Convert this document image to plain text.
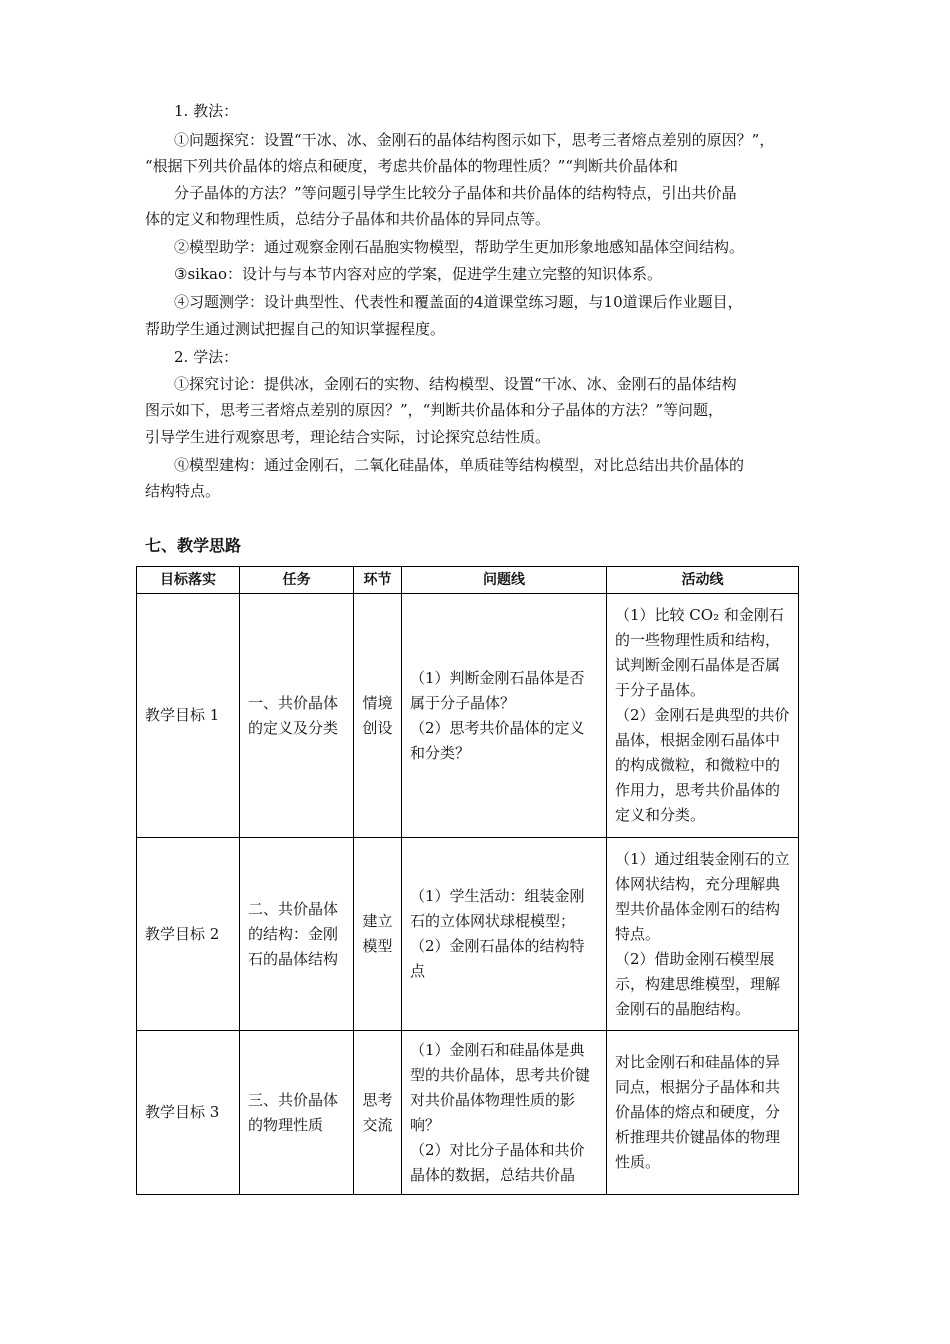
1. 教法：
①问题探究：设置“干冰、冰、金刚石的晶体结构图示如下，思考三者熔点差别的原因？”，
“根据下列共价晶体的熔点和硬度，考虑共价晶体的物理性质？”“判断共价晶体和
分子晶体的方法？”等问题引导学生比较分子晶体和共价晶体的结构特点，引出共价晶
体的定义和物理性质，总结分子晶体和共价晶体的异同点等。
②模型助学：通过观察金刚石晶胞实物模型，帮助学生更加形象地感知晶体空间结构。
③sikao：设计与与本节内容对应的学案，促进学生建立完整的知识体系。
④习题测学：设计典型性、代表性和覆盖面的4道课堂练习题，与10道课后作业题目，
帮助学生通过测试把握自己的知识掌握程度。
2. 学法：
①探究讨论：提供冰，金刚石的实物、结构模型、设置“干冰、冰、金刚石的晶体结构
图示如下，思考三者熔点差别的原因？”，“判断共价晶体和分子晶体的方法？”等问题，
引导学生进行观察思考，理论结合实际，讨论探究总结性质。
ⓠ模型建构：通过金刚石，二氧化硅晶体，单质硅等结构模型，对比总结出共价晶体的
结构特点。
七、教学思路
目标落实	任务	环节	问题线	活动线
教学目标 1	一、共价晶体的定义及分类	情境创设	（1）判断金刚石晶体是否属于分子晶体？
（2）思考共价晶体的定义和分类？	（1）比较 CO₂ 和金刚石的一些物理性质和结构，试判断金刚石晶体是否属于分子晶体。
（2）金刚石是典型的共价晶体，根据金刚石晶体中的构成微粒，和微粒中的作用力，思考共价晶体的定义和分类。

教学目标 2	二、共价晶体的结构：金刚石的晶体结构	建立模型	（1）学生活动：组装金刚石的立体网状球棍模型；
（2）金刚石晶体的结构特点	（1）通过组装金刚石的立体网状结构，充分理解典型共价晶体金刚石的结构特点。
（2）借助金刚石模型展示，构建思维模型，理解金刚石的晶胞结构。

教学目标 3	三、共价晶体的物理性质	思考交流	（1）金刚石和硅晶体是典型的共价晶体，思考共价键对共价晶体物理性质的影响？
（2）对比分子晶体和共价晶体的数据，总结共价晶	对比金刚石和硅晶体的异同点，根据分子晶体和共价晶体的熔点和硬度，分析推理共价键晶体的物理性质。
